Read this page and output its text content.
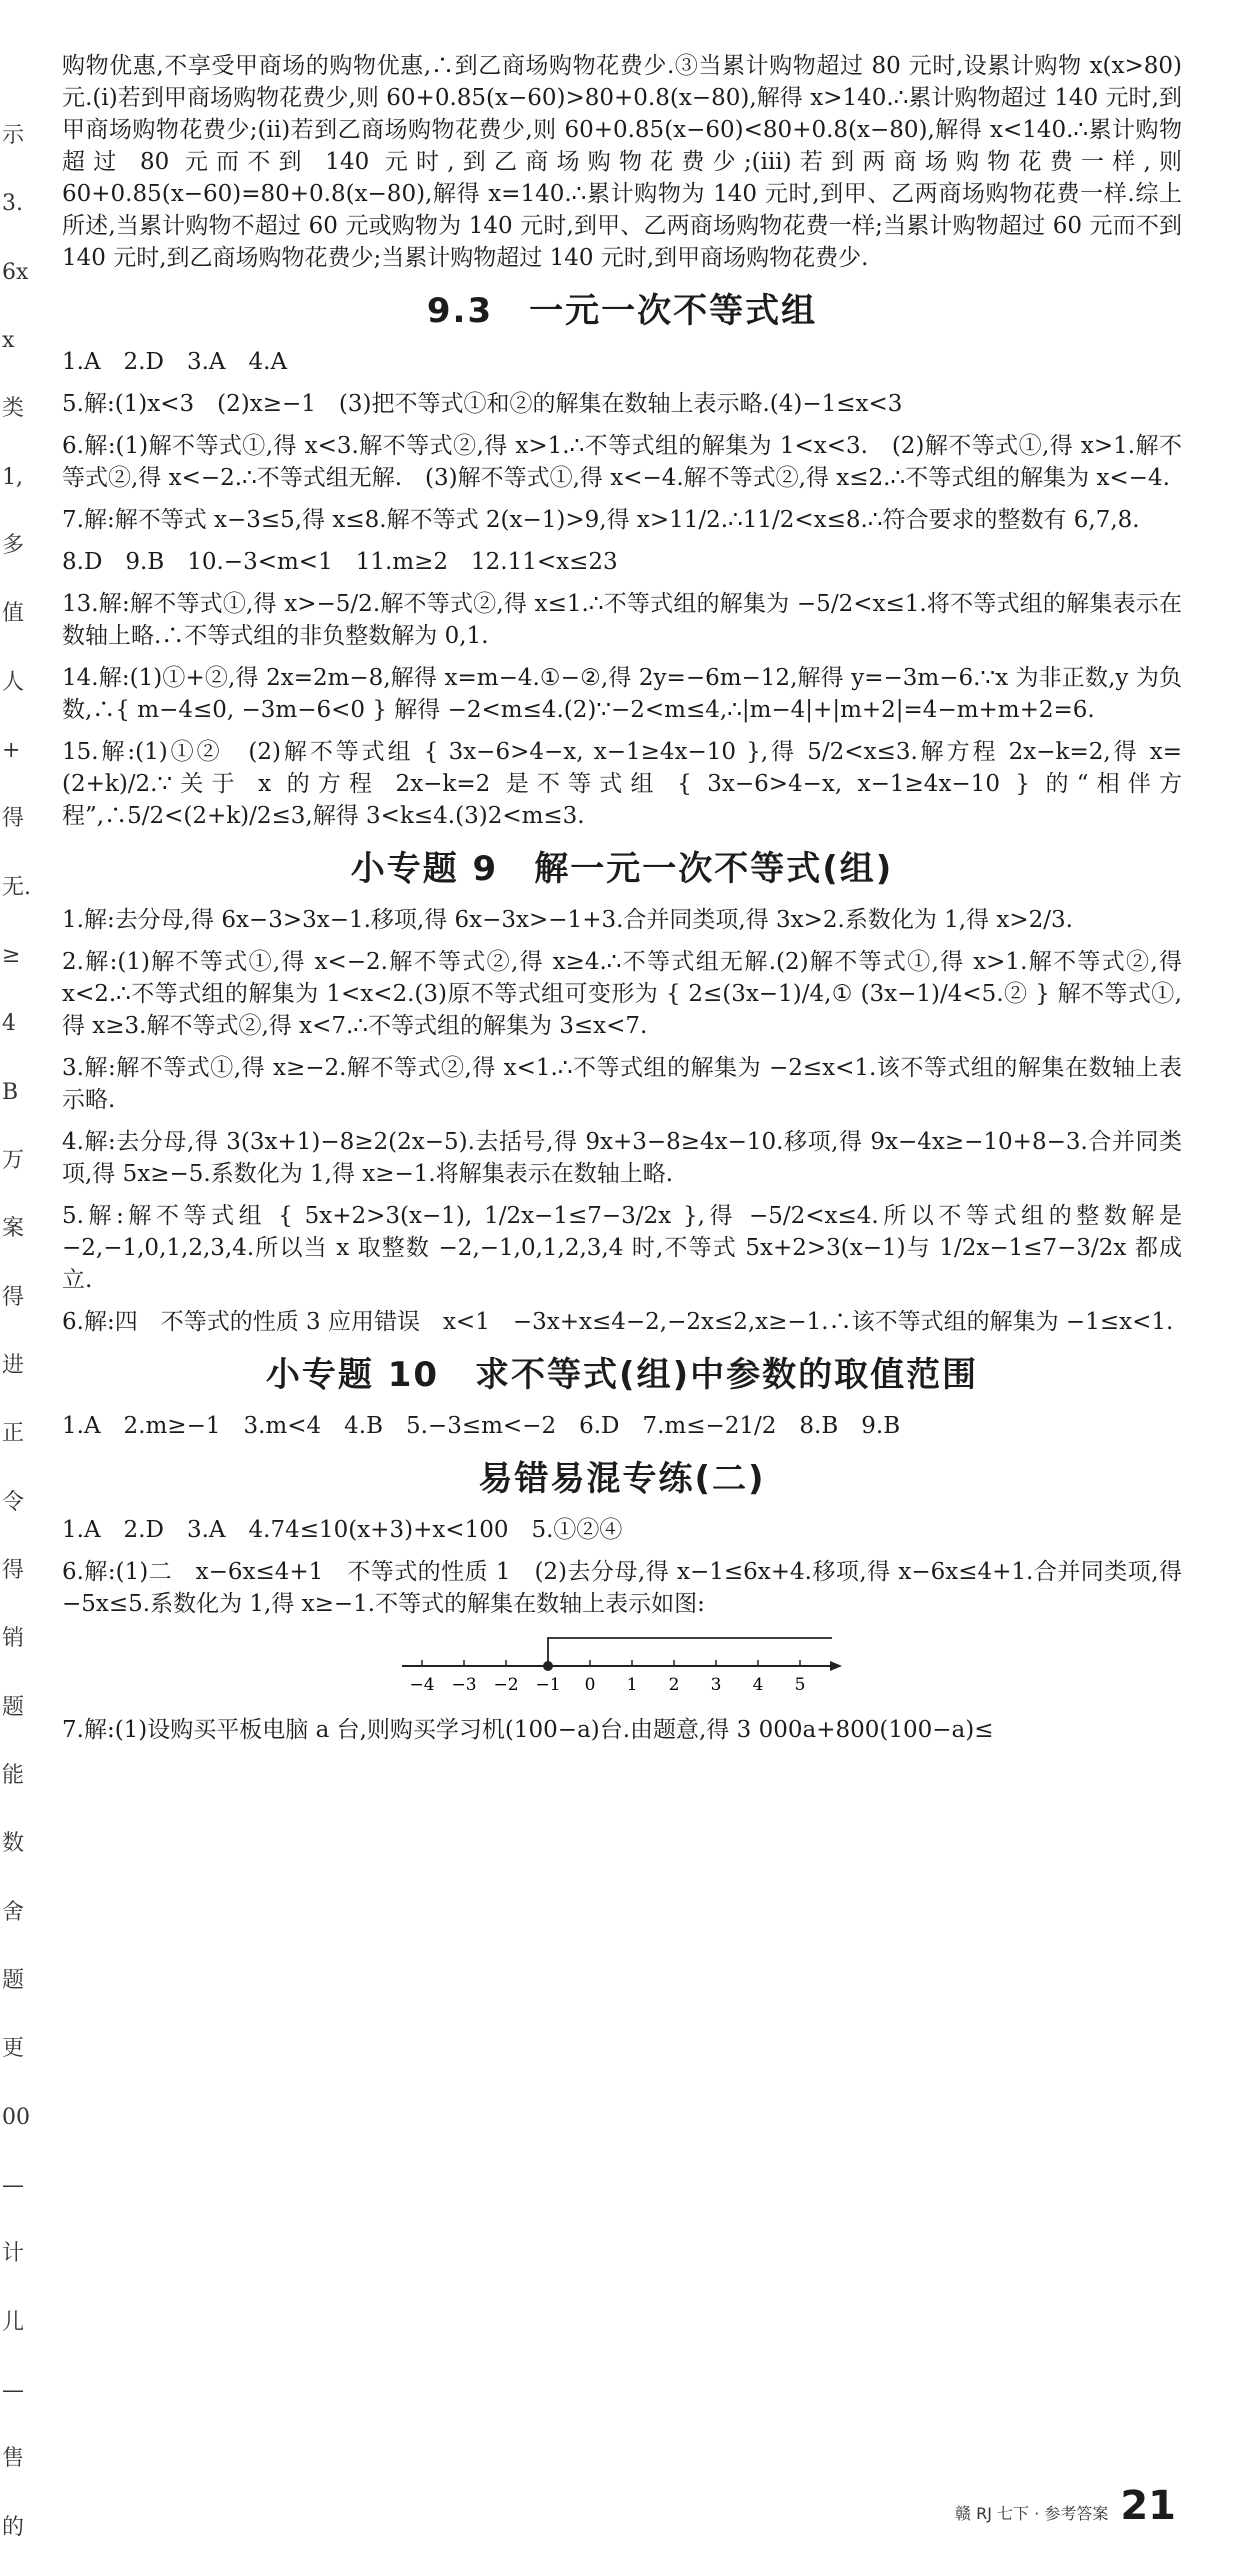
示
3.
6x
x
类
1,
多
值
人
+
得
无.
≥
4
B
万
案
得
进
正
令
得
销
题
能
数
舍
题
更
00
—
计
儿
—
售
的

购物优惠,不享受甲商场的购物优惠,∴到乙商场购物花费少.③当累计购物超过 80 元时,设累计购物 x(x>80)元.(i)若到甲商场购物花费少,则 60+0.85(x−60)>80+0.8(x−80),解得 x>140.∴累计购物超过 140 元时,到甲商场购物花费少;(ii)若到乙商场购物花费少,则 60+0.85(x−60)<80+0.8(x−80),解得 x<140.∴累计购物超过 80 元而不到 140 元时,到乙商场购物花费少;(iii)若到两商场购物花费一样,则 60+0.85(x−60)=80+0.8(x−80),解得 x=140.∴累计购物为 140 元时,到甲、乙两商场购物花费一样.综上所述,当累计购物不超过 60 元或购物为 140 元时,到甲、乙两商场购物花费一样;当累计购物超过 60 元而不到 140 元时,到乙商场购物花费少;当累计购物超过 140 元时,到甲商场购物花费少.

9.3　一元一次不等式组

1.A　2.D　3.A　4.A

5.解:(1)x<3　(2)x≥−1　(3)把不等式①和②的解集在数轴上表示略.(4)−1≤x<3

6.解:(1)解不等式①,得 x<3.解不等式②,得 x>1.∴不等式组的解集为 1<x<3.　(2)解不等式①,得 x>1.解不等式②,得 x<−2.∴不等式组无解.　(3)解不等式①,得 x<−4.解不等式②,得 x≤2.∴不等式组的解集为 x<−4.

7.解:解不等式 x−3≤5,得 x≤8.解不等式 2(x−1)>9,得 x>11/2.∴11/2<x≤8.∴符合要求的整数有 6,7,8.

8.D　9.B　10.−3<m<1　11.m≥2　12.11<x≤23

13.解:解不等式①,得 x>−5/2.解不等式②,得 x≤1.∴不等式组的解集为 −5/2<x≤1.将不等式组的解集表示在数轴上略.∴不等式组的非负整数解为 0,1.

14.解:(1)①+②,得 2x=2m−8,解得 x=m−4.①−②,得 2y=−6m−12,解得 y=−3m−6.∵x 为非正数,y 为负数,∴{ m−4≤0, −3m−6<0 } 解得 −2<m≤4.(2)∵−2<m≤4,∴|m−4|+|m+2|=4−m+m+2=6.

15.解:(1)①②　(2)解不等式组 { 3x−6>4−x, x−1≥4x−10 },得 5/2<x≤3.解方程 2x−k=2,得 x=(2+k)/2.∵关于 x 的方程 2x−k=2 是不等式组 { 3x−6>4−x, x−1≥4x−10 } 的“相伴方程”,∴5/2<(2+k)/2≤3,解得 3<k≤4.(3)2<m≤3.

小专题 9　解一元一次不等式(组)

1.解:去分母,得 6x−3>3x−1.移项,得 6x−3x>−1+3.合并同类项,得 3x>2.系数化为 1,得 x>2/3.

2.解:(1)解不等式①,得 x<−2.解不等式②,得 x≥4.∴不等式组无解.(2)解不等式①,得 x>1.解不等式②,得 x<2.∴不等式组的解集为 1<x<2.(3)原不等式组可变形为 { 2≤(3x−1)/4,① (3x−1)/4<5.② } 解不等式①,得 x≥3.解不等式②,得 x<7.∴不等式组的解集为 3≤x<7.

3.解:解不等式①,得 x≥−2.解不等式②,得 x<1.∴不等式组的解集为 −2≤x<1.该不等式组的解集在数轴上表示略.

4.解:去分母,得 3(3x+1)−8≥2(2x−5).去括号,得 9x+3−8≥4x−10.移项,得 9x−4x≥−10+8−3.合并同类项,得 5x≥−5.系数化为 1,得 x≥−1.将解集表示在数轴上略.

5.解:解不等式组 { 5x+2>3(x−1), 1/2x−1≤7−3/2x },得 −5/2<x≤4.所以不等式组的整数解是 −2,−1,0,1,2,3,4.所以当 x 取整数 −2,−1,0,1,2,3,4 时,不等式 5x+2>3(x−1)与 1/2x−1≤7−3/2x 都成立.

6.解:四　不等式的性质 3 应用错误　x<1　−3x+x≤4−2,−2x≤2,x≥−1.∴该不等式组的解集为 −1≤x<1.

小专题 10　求不等式(组)中参数的取值范围

1.A　2.m≥−1　3.m<4　4.B　5.−3≤m<−2　6.D　7.m≤−21/2　8.B　9.B

易错易混专练(二)

1.A　2.D　3.A　4.74≤10(x+3)+x<100　5.①②④

6.解:(1)二　x−6x≤4+1　不等式的性质 1　(2)去分母,得 x−1≤6x+4.移项,得 x−6x≤4+1.合并同类项,得 −5x≤5.系数化为 1,得 x≥−1.不等式的解集在数轴上表示如图:

−4 −3 −2 −1 0 1 2 3 4 5

7.解:(1)设购买平板电脑 a 台,则购买学习机(100−a)台.由题意,得 3 000a+800(100−a)≤

赣 RJ 七下 · 参考答案 21
